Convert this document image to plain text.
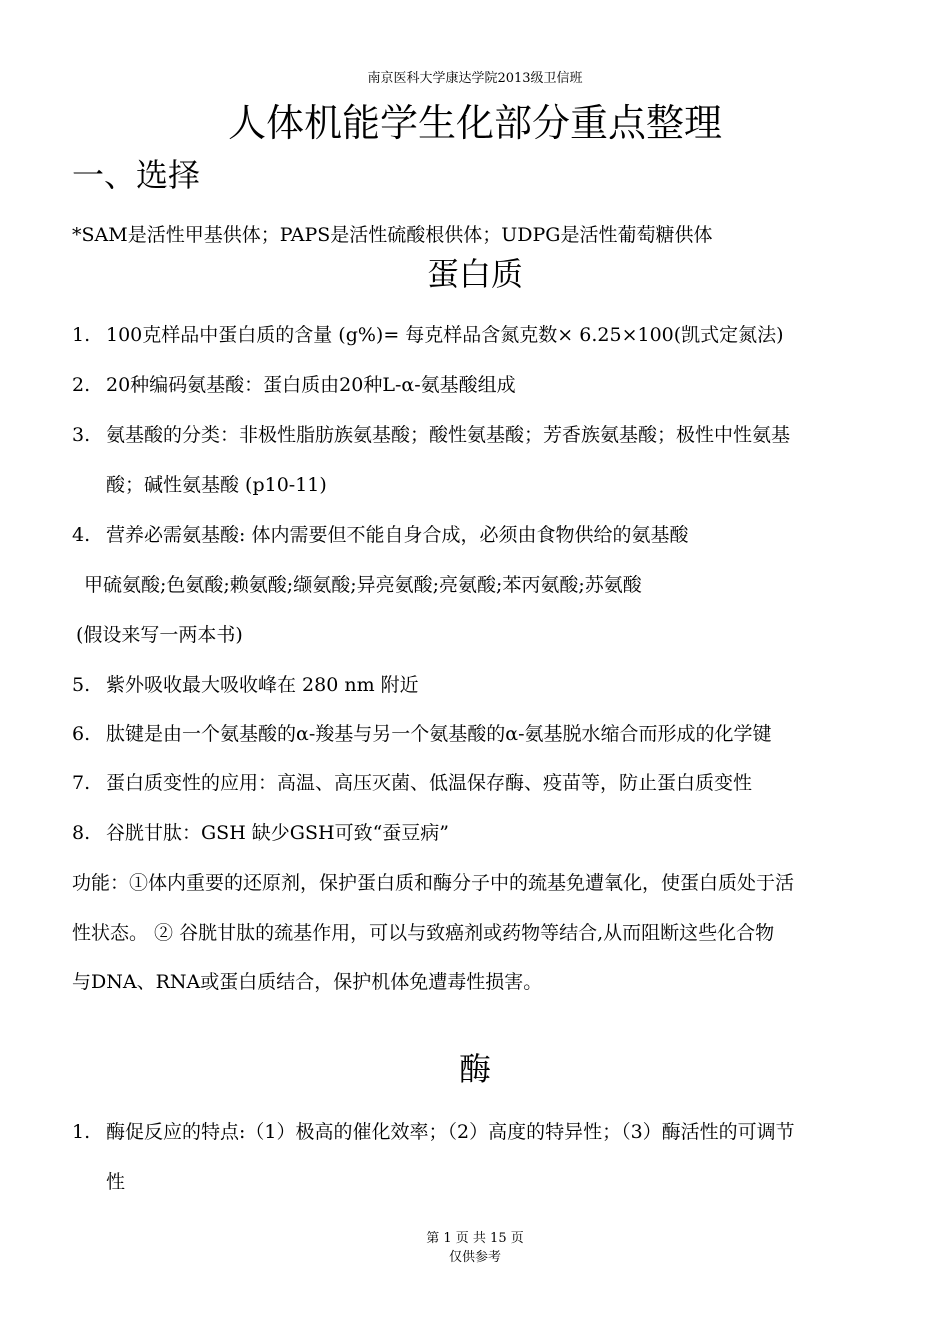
南京医科大学康达学院2013级卫信班
人体机能学生化部分重点整理
一、选择
*SAM是活性甲基供体；PAPS是活性硫酸根供体；UDPG是活性葡萄糖供体
蛋白质
1. 100克样品中蛋白质的含量 (g%)= 每克样品含氮克数× 6.25×100(凯式定氮法)
2. 20种编码氨基酸：蛋白质由20种L-α-氨基酸组成
3. 氨基酸的分类：非极性脂肪族氨基酸；酸性氨基酸；芳香族氨基酸；极性中性氨基
酸；碱性氨基酸 (p10-11)
4. 营养必需氨基酸: 体内需要但不能自身合成，必须由食物供给的氨基酸
甲硫氨酸;色氨酸;赖氨酸;缬氨酸;异亮氨酸;亮氨酸;苯丙氨酸;苏氨酸
(假设来写一两本书)
5. 紫外吸收最大吸收峰在 280 nm 附近
6. 肽键是由一个氨基酸的α-羧基与另一个氨基酸的α-氨基脱水缩合而形成的化学键
7. 蛋白质变性的应用：高温、高压灭菌、低温保存酶、疫苗等，防止蛋白质变性
8. 谷胱甘肽：GSH 缺少GSH可致“蚕豆病”
功能：①体内重要的还原剂，保护蛋白质和酶分子中的巯基免遭氧化，使蛋白质处于活
性状态。 ② 谷胱甘肽的巯基作用，可以与致癌剂或药物等结合,从而阻断这些化合物
与DNA、RNA或蛋白质结合，保护机体免遭毒性损害。
酶
1. 酶促反应的特点:（1）极高的催化效率；（2）高度的特异性；（3）酶活性的可调节
性
第 1 页 共 15 页
仅供参考
